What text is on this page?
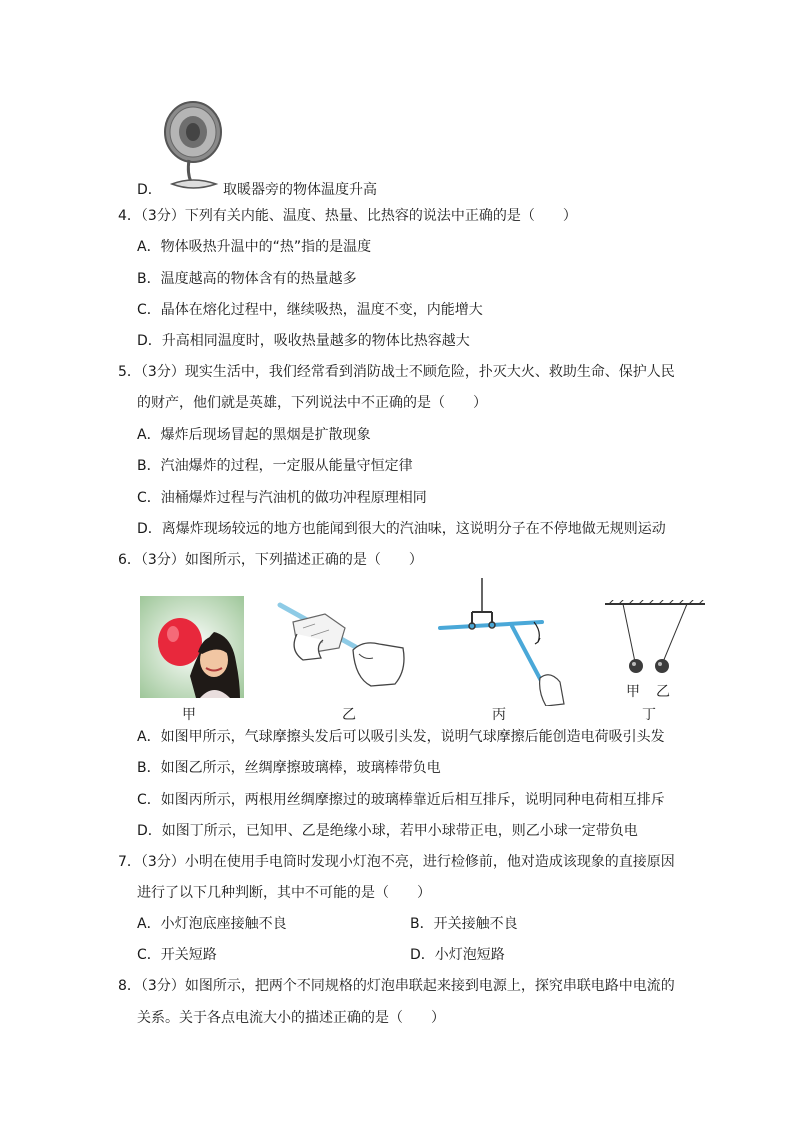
D．	取暖器旁的物体温度升高
4．（3分）下列有关内能、温度、热量、比热容的说法中正确的是（　　）
A．物体吸热升温中的“热”指的是温度
B．温度越高的物体含有的热量越多
C．晶体在熔化过程中，继续吸热，温度不变，内能增大
D．升高相同温度时，吸收热量越多的物体比热容越大
5．（3分）现实生活中，我们经常看到消防战士不顾危险，扑灭大火、救助生命、保护人民
的财产，他们就是英雄，下列说法中不正确的是（　　）
A．爆炸后现场冒起的黑烟是扩散现象
B．汽油爆炸的过程，一定服从能量守恒定律
C．油桶爆炸过程与汽油机的做功冲程原理相同
D．离爆炸现场较远的地方也能闻到很大的汽油味，这说明分子在不停地做无规则运动
6．（3分）如图所示，下列描述正确的是（　　）
甲 乙
甲	乙	丙	丁
A．如图甲所示，气球摩擦头发后可以吸引头发，说明气球摩擦后能创造电荷吸引头发
B．如图乙所示，丝绸摩擦玻璃棒，玻璃棒带负电
C．如图丙所示，两根用丝绸摩擦过的玻璃棒靠近后相互排斥，说明同种电荷相互排斥
D．如图丁所示，已知甲、乙是绝缘小球，若甲小球带正电，则乙小球一定带负电
7．（3分）小明在使用手电筒时发现小灯泡不亮，进行检修前，他对造成该现象的直接原因
进行了以下几种判断，其中不可能的是（　　）
A．小灯泡底座接触不良	B．开关接触不良
C．开关短路	D．小灯泡短路
8．（3分）如图所示，把两个不同规格的灯泡串联起来接到电源上，探究串联电路中电流的
关系。关于各点电流大小的描述正确的是（　　）
